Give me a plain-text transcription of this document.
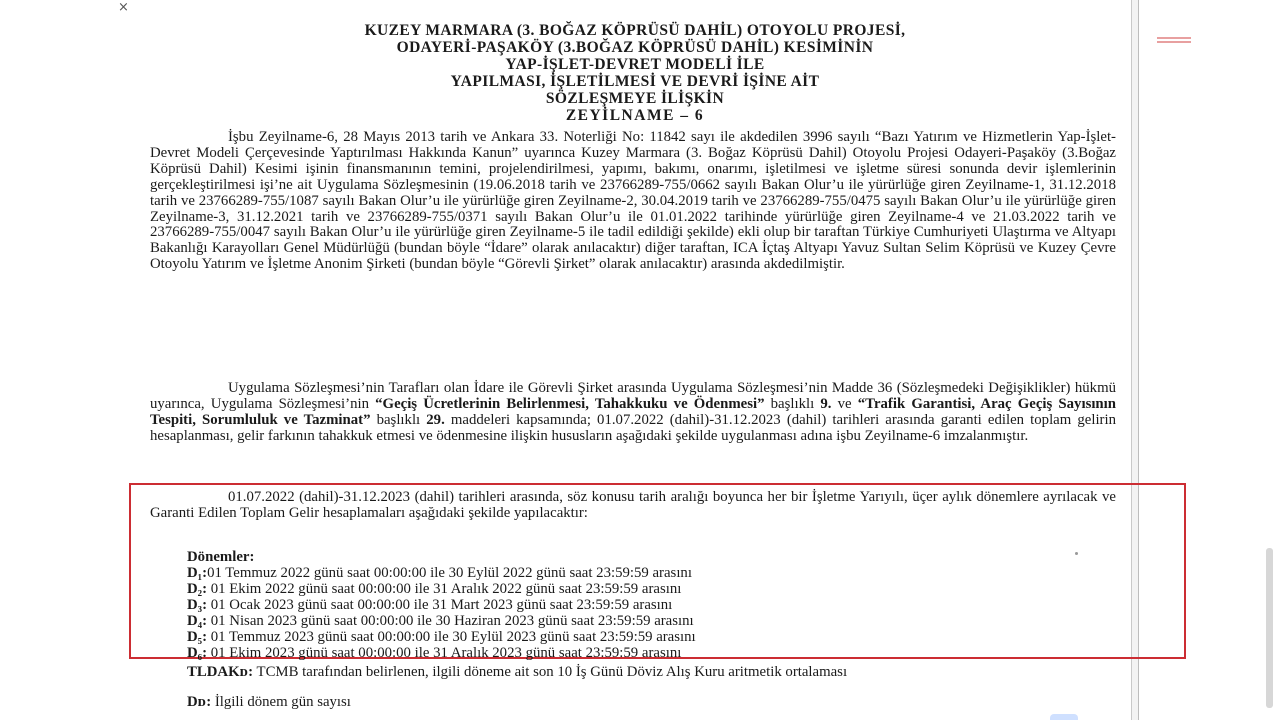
×
KUZEY MARMARA (3. BOĞAZ KÖPRÜSÜ DAHİL) OTOYOLU PROJESİ,
ODAYERİ-PAŞAKÖY (3.BOĞAZ KÖPRÜSÜ DAHİL) KESİMİNİN
YAP-İŞLET-DEVRET MODELİ İLE
YAPILMASI, İŞLETİLMESİ VE DEVRİ İŞİNE AİT
SÖZLEŞMEYE İLİŞKİN
ZEYİLNAME – 6

İşbu Zeyilname-6, 28 Mayıs 2013 tarih ve Ankara 33. Noterliği No: 11842 sayı ile akdedilen 3996 sayılı “Bazı Yatırım ve Hizmetlerin Yap-İşlet-Devret Modeli Çerçevesinde Yaptırılması Hakkında Kanun” uyarınca Kuzey Marmara (3. Boğaz Köprüsü Dahil) Otoyolu Projesi Odayeri-Paşaköy (3.Boğaz Köprüsü Dahil) Kesimi işinin finansmanının temini, projelendirilmesi, yapımı, bakımı, onarımı, işletilmesi ve işletme süresi sonunda devir işlemlerinin gerçekleştirilmesi işi’ne ait Uygulama Sözleşmesinin (19.06.2018 tarih ve 23766289-755/0662 sayılı Bakan Olur’u ile yürürlüğe giren Zeyilname-1, 31.12.2018 tarih ve 23766289-755/1087 sayılı Bakan Olur’u ile yürürlüğe giren Zeyilname-2, 30.04.2019 tarih ve 23766289-755/0475 sayılı Bakan Olur’u ile yürürlüğe giren Zeyilname-3, 31.12.2021 tarih ve 23766289-755/0371 sayılı Bakan Olur’u ile 01.01.2022 tarihinde yürürlüğe giren Zeyilname-4 ve 21.03.2022 tarih ve 23766289-755/0047 sayılı Bakan Olur’u ile yürürlüğe giren Zeyilname-5 ile tadil edildiği şekilde) ekli olup bir taraftan Türkiye Cumhuriyeti Ulaştırma ve Altyapı Bakanlığı Karayolları Genel Müdürlüğü (bundan böyle “İdare” olarak anılacaktır) diğer taraftan, ICA İçtaş Altyapı Yavuz Sultan Selim Köprüsü ve Kuzey Çevre Otoyolu Yatırım ve İşletme Anonim Şirketi (bundan böyle “Görevli Şirket” olarak anılacaktır) arasında akdedilmiştir.

Uygulama Sözleşmesi’nin Tarafları olan İdare ile Görevli Şirket arasında Uygulama Sözleşmesi’nin Madde 36 (Sözleşmedeki Değişiklikler) hükmü uyarınca, Uygulama Sözleşmesi’nin “Geçiş Ücretlerinin Belirlenmesi, Tahakkuku ve Ödenmesi” başlıklı 9. ve “Trafik Garantisi, Araç Geçiş Sayısının Tespiti, Sorumluluk ve Tazminat” başlıklı 29. maddeleri kapsamında; 01.07.2022 (dahil)-31.12.2023 (dahil) tarihleri arasında garanti edilen toplam gelirin hesaplanması, gelir farkının tahakkuk etmesi ve ödenmesine ilişkin hususların aşağıdaki şekilde uygulanması adına işbu Zeyilname-6 imzalanmıştır.

01.07.2022 (dahil)-31.12.2023 (dahil) tarihleri arasında, söz konusu tarih aralığı boyunca her bir İşletme Yarıyılı, üçer aylık dönemlere ayrılacak ve Garanti Edilen Toplam Gelir hesaplamaları aşağıdaki şekilde yapılacaktır:

Dönemler:
D₁:01 Temmuz 2022 günü saat 00:00:00 ile 30 Eylül 2022 günü saat 23:59:59 arasını
D₂: 01 Ekim 2022 günü saat 00:00:00 ile 31 Aralık 2022 günü saat 23:59:59 arasını
D₃: 01 Ocak 2023 günü saat 00:00:00 ile 31 Mart 2023 günü saat 23:59:59 arasını
D₄: 01 Nisan 2023 günü saat 00:00:00 ile 30 Haziran 2023 günü saat 23:59:59 arasını
D₅: 01 Temmuz 2023 günü saat 00:00:00 ile 30 Eylül 2023 günü saat 23:59:59 arasını
D₆: 01 Ekim 2023 günü saat 00:00:00 ile 31 Aralık 2023 günü saat 23:59:59 arasını

TLDAKᴅ: TCMB tarafından belirlenen, ilgili döneme ait son 10 İş Günü Döviz Alış Kuru aritmetik ortalaması

Dᴅ: İlgili dönem gün sayısı
